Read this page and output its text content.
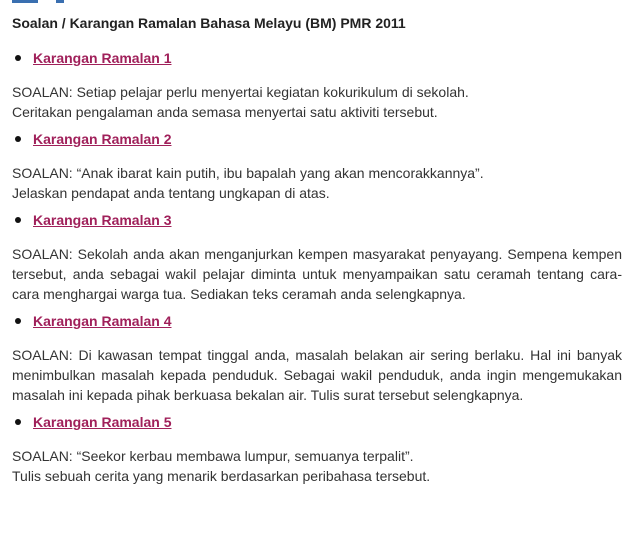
Soalan / Karangan Ramalan Bahasa Melayu (BM) PMR 2011
Karangan Ramalan 1

SOALAN: Setiap pelajar perlu menyertai kegiatan kokurikulum di sekolah.
Ceritakan pengalaman anda semasa menyertai satu aktiviti tersebut.

Karangan Ramalan 2

SOALAN: “Anak ibarat kain putih, ibu bapalah yang akan mencorakkannya”.
Jelaskan pendapat anda tentang ungkapan di atas.

Karangan Ramalan 3

SOALAN: Sekolah anda akan menganjurkan kempen masyarakat penyayang. Sempena kempen tersebut, anda sebagai wakil pelajar diminta untuk menyampaikan satu ceramah tentang cara-cara menghargai warga tua. Sediakan teks ceramah anda selengkapnya.

Karangan Ramalan 4

SOALAN: Di kawasan tempat tinggal anda, masalah belakan air sering berlaku. Hal ini banyak menimbulkan masalah kepada penduduk. Sebagai wakil penduduk, anda ingin mengemukakan masalah ini kepada pihak berkuasa bekalan air. Tulis surat tersebut selengkapnya.

Karangan Ramalan 5

SOALAN: “Seekor kerbau membawa lumpur, semuanya terpalit”.
Tulis sebuah cerita yang menarik berdasarkan peribahasa tersebut.
